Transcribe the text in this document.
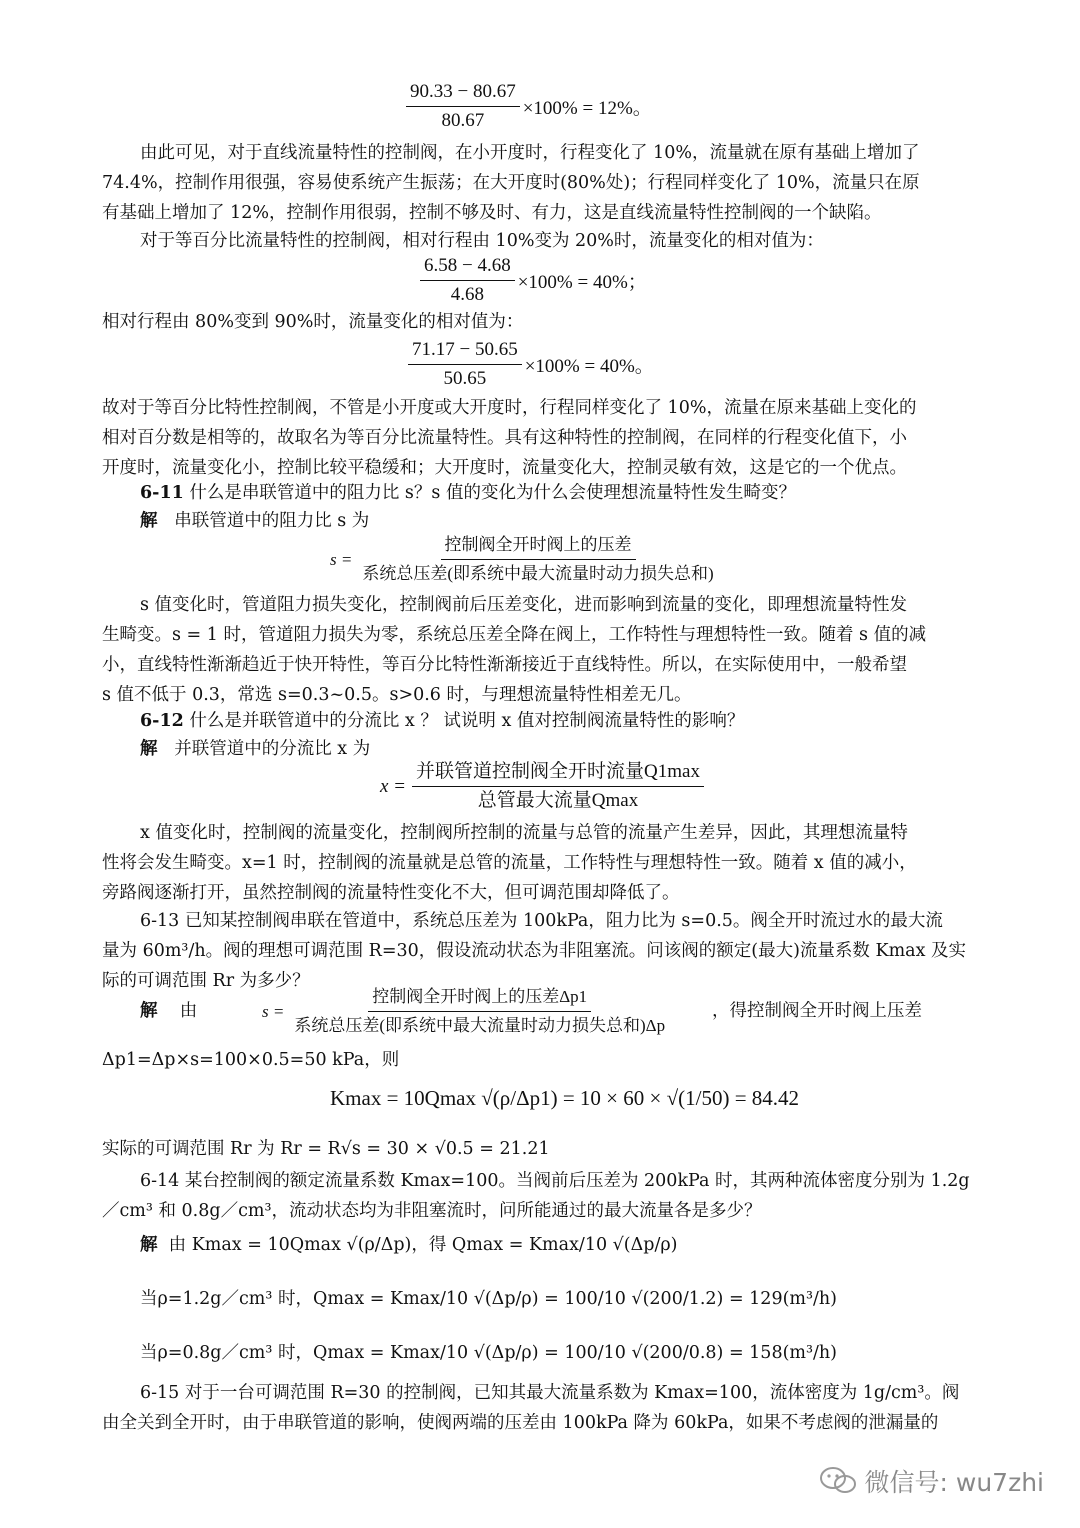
$\frac{90.33 - 80.67}{80.67} \times 100\% = 12\%$。
由此可见，对于直线流量特性的控制阀，在小开度时，行程变化了 10%，流量就在原有基础上增加了
74.4%，控制作用很强，容易使系统产生振荡；在大开度时(80%处)；行程同样变化了 10%，流量只在原
有基础上增加了 12%，控制作用很弱，控制不够及时、有力，这是直线流量特性控制阀的一个缺陷。
对于等百分比流量特性的控制阀，相对行程由 10%变为 20%时，流量变化的相对值为：
$\frac{6.58 - 4.68}{4.68} \times 100\% = 40\%$；
相对行程由 80%变到 90%时，流量变化的相对值为：
$\frac{71.17 - 50.65}{50.65} \times 100\% = 40\%$。
故对于等百分比特性控制阀，不管是小开度或大开度时，行程同样变化了 10%，流量在原来基础上变化的
相对百分数是相等的，故取名为等百分比流量特性。具有这种特性的控制阀，在同样的行程变化值下，小
开度时，流量变化小，控制比较平稳缓和；大开度时，流量变化大，控制灵敏有效，这是它的一个优点。
6-11 什么是串联管道中的阻力比 s？s 值的变化为什么会使理想流量特性发生畸变？
解 串联管道中的阻力比 s 为
$s = \frac{\text{控制阀全开时阀上的压差}}{\text{系统总压差(即系统中最大流量时动力损失总和)}}$
s 值变化时，管道阻力损失变化，控制阀前后压差变化，进而影响到流量的变化，即理想流量特性发
生畸变。s = 1 时，管道阻力损失为零，系统总压差全降在阀上，工作特性与理想特性一致。随着 s 值的减
小，直线特性渐渐趋近于快开特性，等百分比特性渐渐接近于直线特性。所以，在实际使用中，一般希望
s 值不低于 0.3，常选 s=0.3~0.5。s>0.6 时，与理想流量特性相差无几。
6-12 什么是并联管道中的分流比 x ？ 试说明 x 值对控制阀流量特性的影响？
解 并联管道中的分流比 x 为
$x = \frac{\text{并联管道控制阀全开时流量Q1max}}{\text{总管最大流量Qmax}}$
x 值变化时，控制阀的流量变化，控制阀所控制的流量与总管的流量产生差异，因此，其理想流量特
性将会发生畸变。x=1 时，控制阀的流量就是总管的流量，工作特性与理想特性一致。随着 x 值的减小，
旁路阀逐渐打开，虽然控制阀的流量特性变化不大，但可调范围却降低了。
6-13 已知某控制阀串联在管道中，系统总压差为 100kPa，阻力比为 s=0.5。阀全开时流过水的最大流
量为 60m³/h。阀的理想可调范围 R=30，假设流动状态为非阻塞流。问该阀的额定(最大)流量系数 Kmax 及实
际的可调范围 Rr 为多少？
解 由	$s = \frac{\text{控制阀全开时阀上的压差Δp1}}{\text{系统总压差(即系统中最大流量时动力损失总和)Δp}}$ ，得控制阀全开时阀上压差
Δp1=Δp×s=100×0.5=50 kPa，则
Kmax = 10Qmax √(ρ/Δp1) = 10 × 60 × √(1/50) = 84.42
实际的可调范围 Rr 为 Rr = R√s = 30 × √0.5 = 21.21
6-14 某台控制阀的额定流量系数 Kmax=100。当阀前后压差为 200kPa 时，其两种流体密度分别为 1.2g
／cm³ 和 0.8g／cm³，流动状态均为非阻塞流时，问所能通过的最大流量各是多少？
解 由 Kmax = 10Qmax √(ρ/Δp)，得 Qmax = Kmax/10 √(Δp/ρ)
当ρ=1.2g／cm³ 时，Qmax = Kmax/10 √(Δp/ρ) = 100/10 √(200/1.2) = 129(m³/h)
当ρ=0.8g／cm³ 时，Qmax = Kmax/10 √(Δp/ρ) = 100/10 √(200/0.8) = 158(m³/h)
6-15 对于一台可调范围 R=30 的控制阀，已知其最大流量系数为 Kmax=100，流体密度为 1g/cm³。阀
由全关到全开时，由于串联管道的影响，使阀两端的压差由 100kPa 降为 60kPa，如果不考虑阀的泄漏量的
微信号: wu7zhi
